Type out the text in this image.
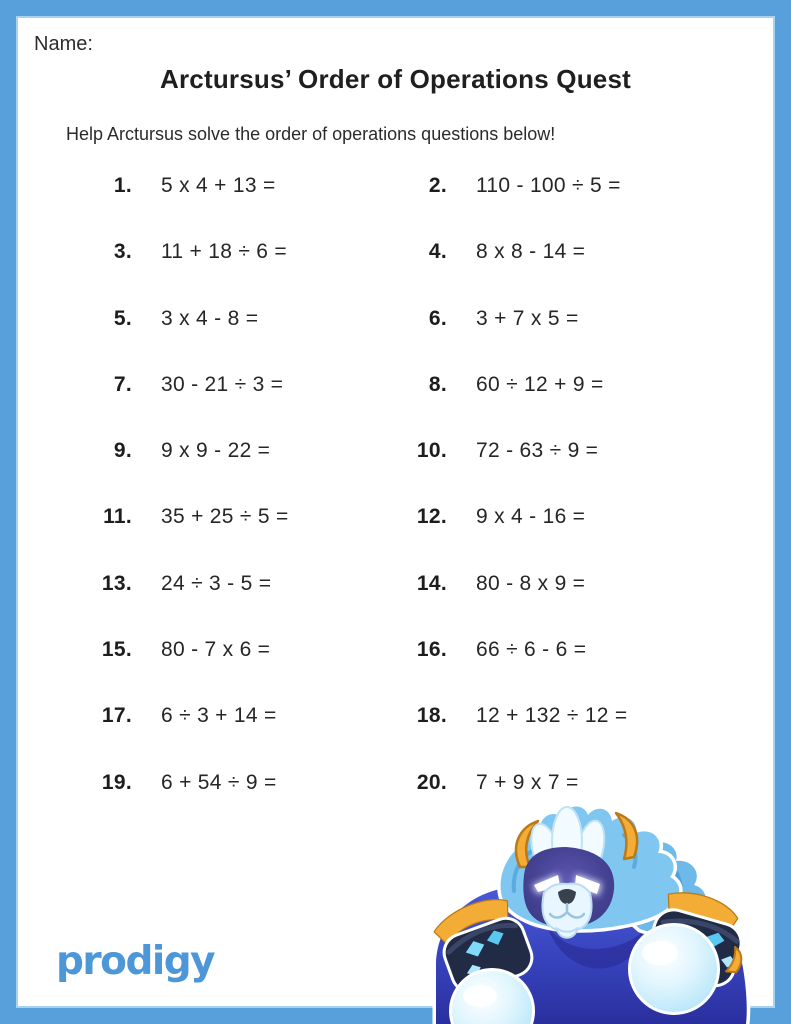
Name:
Arctursus’ Order of Operations Quest
Help Arctursus solve the order of operations questions below!
1.	5 x 4 + 13 =	2.	110 - 100 ÷ 5 =
3.	11 + 18 ÷ 6 =	4.	8 x 8 - 14 =
5.	3 x 4 - 8 =	6.	3 + 7 x 5 =
7.	30 - 21 ÷ 3 =	8.	60 ÷ 12 + 9 =
9.	9 x 9 - 22 =	10.	72 - 63 ÷ 9 =
11.	35 + 25 ÷ 5 =	12.	9 x 4 - 16 =
13.	24 ÷ 3 - 5 =	14.	80 - 8 x 9 =
15.	80 - 7 x 6 =	16.	66 ÷ 6 - 6 =
17.	6 ÷ 3 + 14 =	18.	12 + 132 ÷ 12 =
19.	6 + 54 ÷ 9 =	20.	7 + 9 x 7 =
prodigy
